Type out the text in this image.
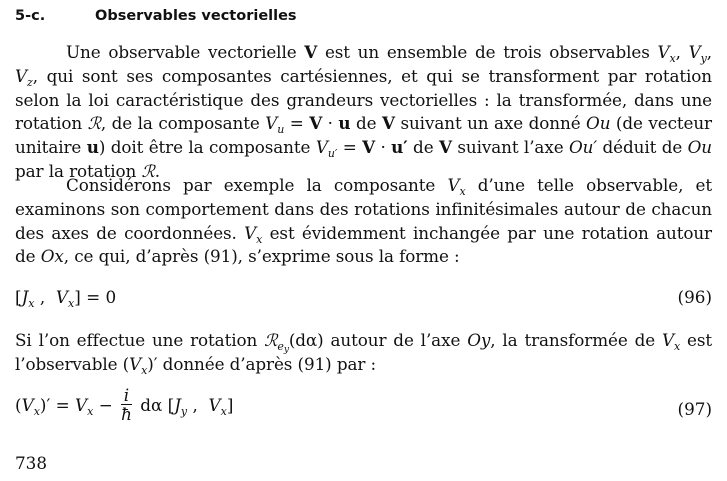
5-c.	Observables vectorielles

Une observable vectorielle V est un ensemble de trois observables $V_x$, $V_y$, $V_z$, qui sont ses composantes cartésiennes, et qui se transforment par rotation selon la loi caractéristique des grandeurs vectorielles : la transformée, dans une rotation ℛ, de la composante $V_u = V \cdot u$ de V suivant un axe donné Ou (de vecteur unitaire u) doit être la composante $V_{u'} = V \cdot u'$ de V suivant l’axe Ou′ déduit de Ou par la rotation ℛ.

Considérons par exemple la composante $V_x$ d’une telle observable, et examinons son comportement dans des rotations infinitésimales autour de chacun des axes de coordonnées. $V_x$ est évidemment inchangée par une rotation autour de Ox, ce qui, d’après (91), s’exprime sous la forme :

[$J_x$ ,  $V_x] = 0$	(96)

Si l’on effectue une rotation ℛ$_{e_y}$(dα) autour de l’axe Oy, la transformée de $V_x$ est l’observable $(V_x)'$ donnée d’après (91) par :

$(V_x)' = V_x - \frac{i}{ħ}$ dα [$J_y$ ,  $V_x$]	(97)
738
